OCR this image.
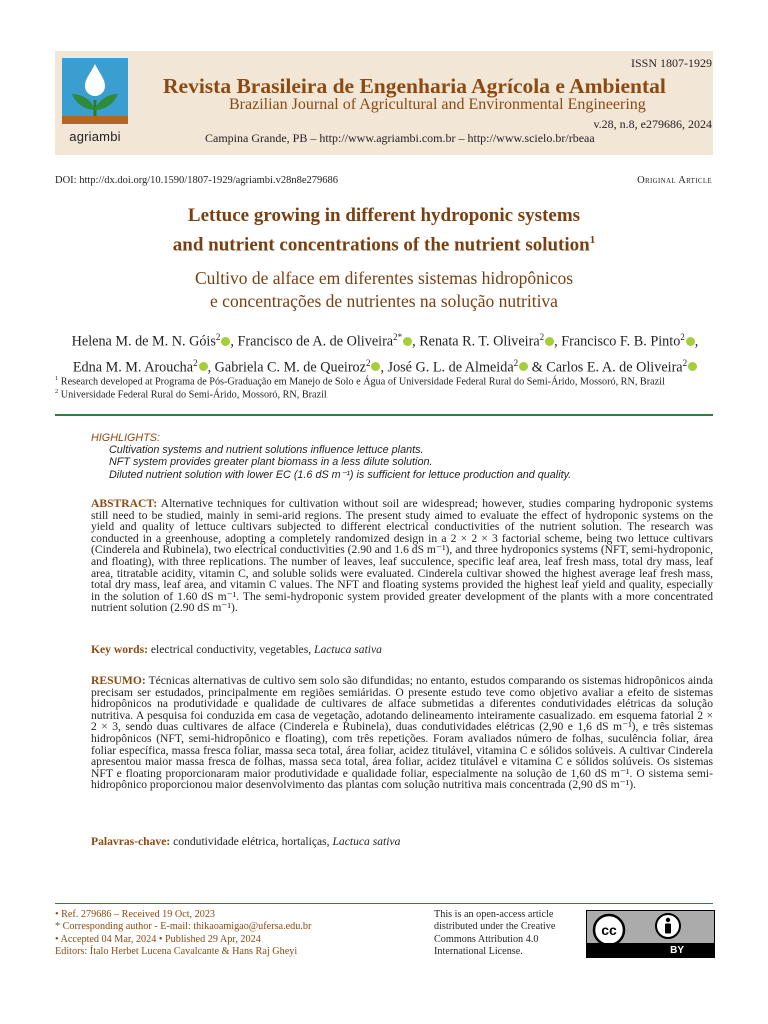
agriambi
ISSN 1807-1929
Revista Brasileira de Engenharia Agrícola e Ambiental
Brazilian Journal of Agricultural and Environmental Engineering
v.28, n.8, e279686, 2024
Campina Grande, PB – http://www.agriambi.com.br – http://www.scielo.br/rbeaa
DOI: http://dx.doi.org/10.1590/1807-1929/agriambi.v28n8e279686	Original Article
Lettuce growing in different hydroponic systems
and nutrient concentrations of the nutrient solution$^1$
Cultivo de alface em diferentes sistemas hidropônicos
e concentrações de nutrientes na solução nutritiva
Helena M. de M. N. Góis$^2$ , Francisco de A. de Oliveira$^{2*}$ , Renata R. T. Oliveira$^2$ , Francisco F. B. Pinto$^2$ ,
Edna M. M. Aroucha$^2$ , Gabriela C. M. de Queiroz$^2$ , José G. L. de Almeida$^2$ & Carlos E. A. de Oliveira$^2$
$^1$ Research developed at Programa de Pós-Graduação em Manejo de Solo e Água of Universidade Federal Rural do Semi-Árido, Mossoró, RN, Brazil
$^2$ Universidade Federal Rural do Semi-Árido, Mossoró, RN, Brazil
HIGHLIGHTS:
Cultivation systems and nutrient solutions influence lettuce plants.
NFT system provides greater plant biomass in a less dilute solution.
Diluted nutrient solution with lower EC (1.6 dS m⁻¹) is sufficient for lettuce production and quality.
ABSTRACT: Alternative techniques for cultivation without soil are widespread; however, studies comparing hydroponic systems still need to be studied, mainly in semi-arid regions. The present study aimed to evaluate the effect of hydroponic systems on the yield and quality of lettuce cultivars subjected to different electrical conductivities of the nutrient solution. The research was conducted in a greenhouse, adopting a completely randomized design in a 2 × 2 × 3 factorial scheme, being two lettuce cultivars (Cinderela and Rubinela), two electrical conductivities (2.90 and 1.6 dS m⁻¹), and three hydroponics systems (NFT, semi-hydroponic, and floating), with three replications. The number of leaves, leaf succulence, specific leaf area, leaf fresh mass, total dry mass, leaf area, titratable acidity, vitamin C, and soluble solids were evaluated. Cinderela cultivar showed the highest average leaf fresh mass, total dry mass, leaf area, and vitamin C values. The NFT and floating systems provided the highest leaf yield and quality, especially in the solution of 1.60 dS m⁻¹. The semi-hydroponic system provided greater development of the plants with a more concentrated nutrient solution (2.90 dS m⁻¹).
Key words: electrical conductivity, vegetables, Lactuca sativa
RESUMO: Técnicas alternativas de cultivo sem solo são difundidas; no entanto, estudos comparando os sistemas hidropônicos ainda precisam ser estudados, principalmente em regiões semiáridas. O presente estudo teve como objetivo avaliar a efeito de sistemas hidropônicos na produtividade e qualidade de cultivares de alface submetidas a diferentes condutividades elétricas da solução nutritiva. A pesquisa foi conduzida em casa de vegetação, adotando delineamento inteiramente casualizado. em esquema fatorial 2 × 2 × 3, sendo duas cultivares de alface (Cinderela e Rubinela), duas condutividades elétricas (2,90 e 1,6 dS m⁻¹), e três sistemas hidropônicos (NFT, semi-hidropônico e floating), com três repetições. Foram avaliados número de folhas, suculência foliar, área foliar específica, massa fresca foliar, massa seca total, área foliar, acidez titulável, vitamina C e sólidos solúveis. A cultivar Cinderela apresentou maior massa fresca de folhas, massa seca total, área foliar, acidez titulável e vitamina C e sólidos solúveis. Os sistemas NFT e floating proporcionaram maior produtividade e qualidade foliar, especialmente na solução de 1,60 dS m⁻¹. O sistema semi-hidropônico proporcionou maior desenvolvimento das plantas com solução nutritiva mais concentrada (2,90 dS m⁻¹).
Palavras-chave: condutividade elétrica, hortaliças, Lactuca sativa
• Ref. 279686 – Received 19 Oct, 2023
* Corresponding author - E-mail: thikaoamigao@ufersa.edu.br
• Accepted 04 Mar, 2024 • Published 29 Apr, 2024
Editors: Ítalo Herbet Lucena Cavalcante & Hans Raj Gheyi
This is an open-access article
distributed under the Creative
Commons Attribution 4.0
International License.
cc
BY
